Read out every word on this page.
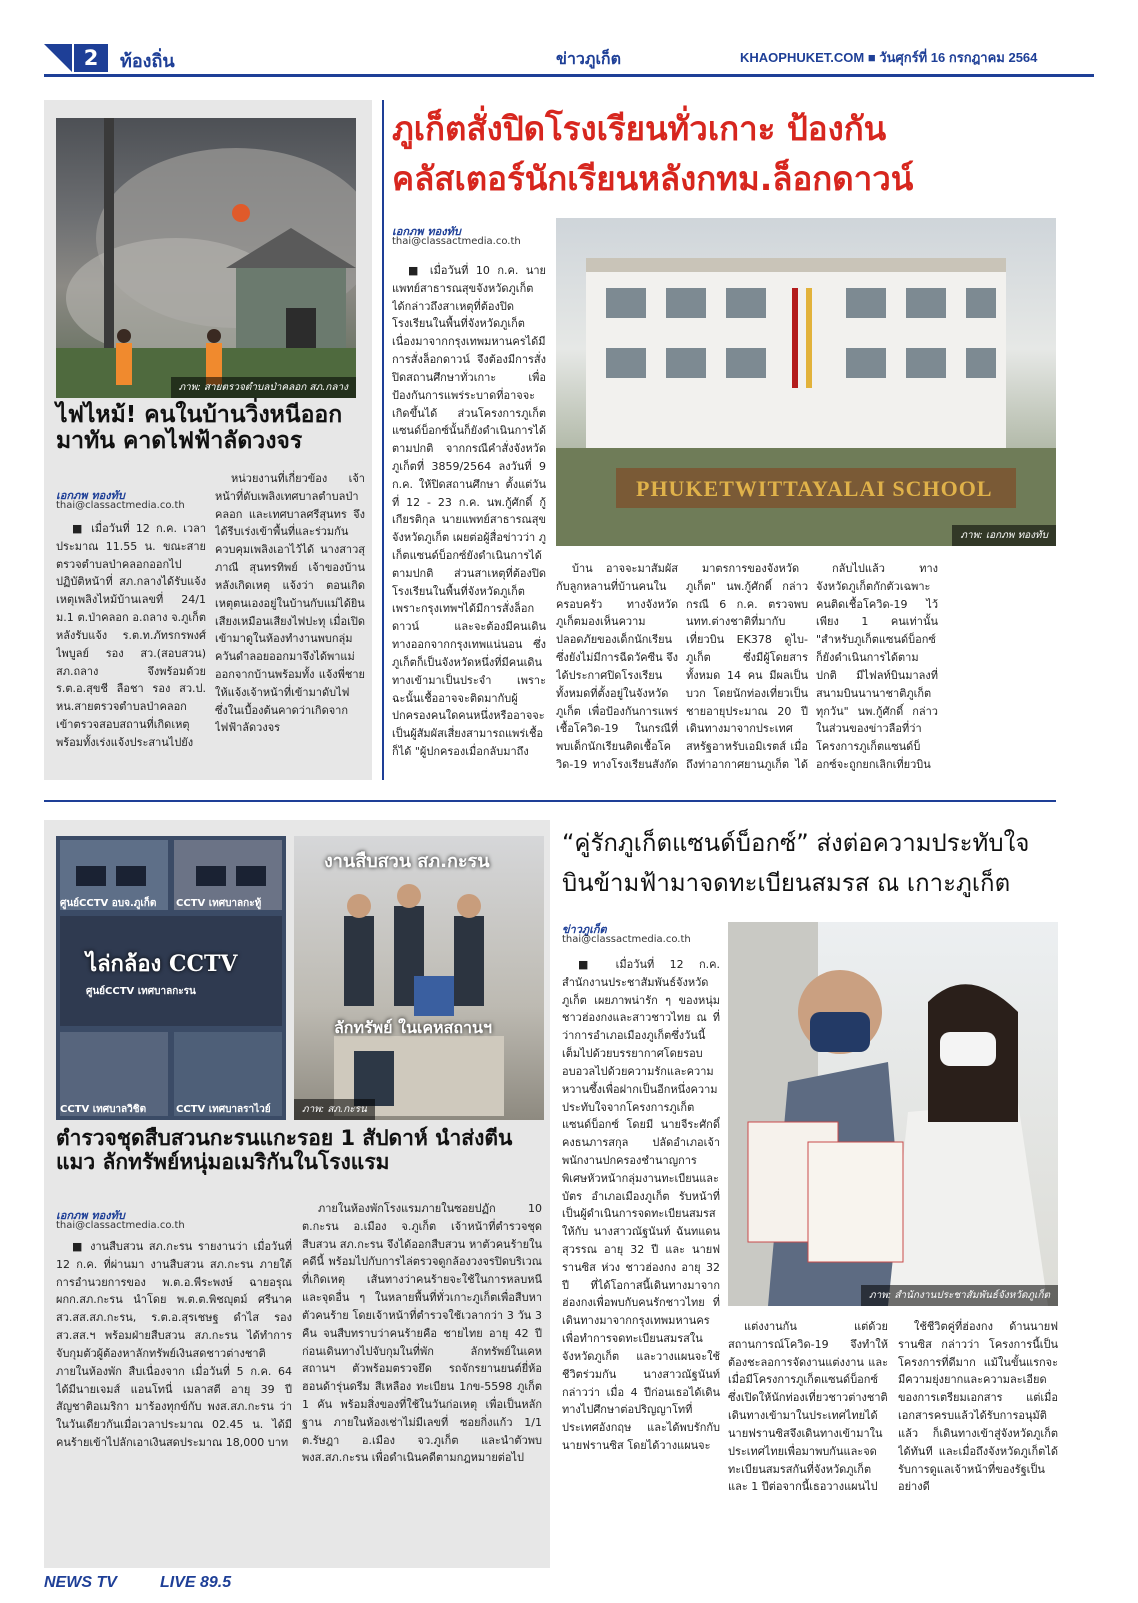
2	ท้องถิ่น	ข่าวภูเก็ต	KHAOPHUKET.COM ■ วันศุกร์ที่ 16 กรกฎาคม 2564
ภาพ: สายตรวจตำบลป่าคลอก สภ.กลาง
ไฟไหม้! คนในบ้านวิ่งหนีออก มาทัน คาดไฟฟ้าลัดวงจร
เอกภพ ทองทับ
thai@classactmedia.co.th

■ เมื่อวันที่ 12 ก.ค. เวลาประมาณ 11.55 น. ขณะสายตรวจตำบลป่าคลอกออกไปปฏิบัติหน้าที่ สภ.กลางได้รับแจ้งเหตุเพลิงไหม้บ้านเลขที่ 24/1 ม.1 ต.ป่าคลอก อ.ถลาง จ.ภูเก็ต หลังรับแจ้ง ร.ต.ท.ภัทรกรพงศ์ ไพบูลย์ รอง สว.(สอบสวน) สภ.ถลาง จึงพร้อมด้วย ร.ต.อ.สุขชี ลือชา รอง สว.ป. หน.สายตรวจตำบลป่าคลอก เข้าตรวจสอบสถานที่เกิดเหตุ พร้อมทั้งเร่งแจ้งประสานไปยัง

หน่วยงานที่เกี่ยวข้อง เจ้าหน้าที่ดับเพลิงเทศบาลตำบลป่าคลอก และเทศบาลศรีสุนทร จึงได้รีบเร่งเข้าพื้นที่และร่วมกันควบคุมเพลิงเอาไว้ได้ นางสาวสุภาณี สุนทรทิพย์ เจ้าของบ้านหลังเกิดเหตุ แจ้งว่า ตอนเกิดเหตุตนเองอยู่ในบ้านกับแม่ได้ยินเสียงเหมือนเสียงไฟปะทุ เมื่อเปิดเข้ามาดูในห้องทำงานพบกลุ่มควันดำลอยออกมาจึงได้พาแม่ออกจากบ้านพร้อมทั้ง แจ้งพี่ชายให้แจ้งเจ้าหน้าที่เข้ามาดับไฟ ซึ่งในเบื้องต้นคาดว่าเกิดจากไฟฟ้าลัดวงจร

ภูเก็ตสั่งปิดโรงเรียนทั่วเกาะ ป้องกัน
คลัสเตอร์นักเรียนหลังกทม.ล็อกดาวน์
เอกภพ ทองทับ
thai@classactmedia.co.th
PHUKETWITTAYALAI SCHOOL
ภาพ: เอกภพ ทองทับ

■ เมื่อวันที่ 10 ก.ค. นายแพทย์สาธารณสุขจังหวัดภูเก็ต ได้กล่าวถึงสาเหตุที่ต้องปิดโรงเรียนในพื้นที่จังหวัดภูเก็ต เนื่องมาจากกรุงเทพมหานครได้มีการสั่งล็อกดาวน์ จึงต้องมีการสั่งปิดสถานศึกษาทั่วเกาะ เพื่อป้องกันการแพร่ระบาดที่อาจจะเกิดขึ้นได้ ส่วนโครงการภูเก็ตแซนด์บ็อกซ์นั้นก็ยังดำเนินการได้ตามปกติ จากกรณีคำสั่งจังหวัดภูเก็ตที่ 3859/2564 ลงวันที่ 9 ก.ค. ให้ปิดสถานศึกษา ตั้งแต่วันที่ 12 - 23 ก.ค. นพ.กู้ศักดิ์ กู้เกียรติกุล นายแพทย์สาธารณสุขจังหวัดภูเก็ต เผยต่อผู้สื่อข่าวว่า ภูเก็ตแซนด์บ็อกซ์ยังดำเนินการได้ตามปกติ ส่วนสาเหตุที่ต้องปิดโรงเรียนในพื้นที่จังหวัดภูเก็ต เพราะกรุงเทพฯได้มีการสั่งล็อกดาวน์ และจะต้องมีคนเดินทางออกจากกรุงเทพแน่นอน ซึ่งภูเก็ตก็เป็นจังหวัดหนึ่งที่มีคนเดินทางเข้ามาเป็นประจำ เพราะฉะนั้นเชื้ออาจจะติดมากับผู้ปกครองคนใดคนหนึ่งหรืออาจจะเป็นผู้สัมผัสเสี่ยงสามารถแพร่เชื้อก็ได้ "ผู้ปกครองเมื่อกลับมาถึง

บ้าน อาจจะมาสัมผัสกับลูกหลานที่บ้านคนในครอบครัว ทางจังหวัดภูเก็ตมองเห็นความปลอดภัยของเด็กนักเรียน ซึ่งยังไม่มีการฉีดวัคซีน จึงได้ประกาศปิดโรงเรียนทั้งหมดที่ตั้งอยู่ในจังหวัดภูเก็ต เพื่อป้องกันการแพร่เชื้อโควิด-19 ในกรณีที่พบเด็กนักเรียนติดเชื้อโควิด-19 ทางโรงเรียนสังกัด

มาตรการของจังหวัดภูเก็ต" นพ.กู้ศักดิ์ กล่าว กรณี 6 ก.ค. ตรวจพบนทท.ต่างชาติที่มากับเที่ยวบิน EK378 ดูไบ-ภูเก็ต ซึ่งมีผู้โดยสารทั้งหมด 14 คน มีผลเป็นบวก โดยนักท่องเที่ยวเป็นชายอายุประมาณ 20 ปี เดินทางมาจากประเทศสหรัฐอาหรับเอมิเรตส์ เมื่อถึงท่าอากาศยานภูเก็ต ได้

กลับไปแล้ว ทางจังหวัดภูเก็ตกักตัวเฉพาะคนติดเชื้อโควิด-19 ไว้เพียง 1 คนเท่านั้น "สำหรับภูเก็ตแซนด์บ็อกซ์ก็ยังดำเนินการได้ตามปกติ มีไฟลท์บินมาลงที่สนามบินนานาชาติภูเก็ตทุกวัน" นพ.กู้ศักดิ์ กล่าว ในส่วนของข่าวลือที่ว่า โครงการภูเก็ตแซนด์บ็อกซ์จะถูกยกเลิกเที่ยวบิน

ศูนย์CCTV อบจ.ภูเก็ต CCTV เทศบาลกะทู้
ไล่กล้อง CCTV
ศูนย์CCTV เทศบาลกะรน
CCTV เทศบาลวิชิต	CCTV เทศบาลราไวย์
งานสืบสวน สภ.กะรน
ลักทรัพย์ ในเคหสถานฯ
ภาพ: สภ.กะรน
ตำรวจชุดสืบสวนกะรนแกะรอย 1 สัปดาห์ นำส่งตีนแมว ลักทรัพย์หนุ่มอเมริกันในโรงแรม
เอกภพ ทองทับ
thai@classactmedia.co.th

■ งานสืบสวน สภ.กะรน รายงานว่า เมื่อวันที่ 12 ก.ค. ที่ผ่านมา งานสืบสวน สภ.กะรน ภายใต้การอำนวยการของ พ.ต.อ.พีระพงษ์ ฉายอรุณ ผกก.สภ.กะรน นำโดย พ.ต.ต.พิชญุตม์ ศรีนาค สว.สส.สภ.กะรน, ร.ต.อ.สุรเชษฐ ดำไส รอง สว.สส.ฯ พร้อมฝ่ายสืบสวน สภ.กะรน ได้ทำการจับกุมตัวผู้ต้องหาลักทรัพย์เงินสดชาวต่างชาติภายในห้องพัก สืบเนื่องจาก เมื่อวันที่ 5 ก.ค. 64 ได้มีนายเจมส์ แอนโทนี่ เมลาสตี อายุ 39 ปี สัญชาติอเมริกา มาร้องทุกข์กับ พงส.สภ.กะรน ว่าในวันเดียวกันเมื่อเวลาประมาณ 02.45 น. ได้มีคนร้ายเข้าไปลักเอาเงินสดประมาณ 18,000 บาท

ภายในห้องพักโรงแรมภายในซอยปฏัก 10 ต.กะรน อ.เมือง จ.ภูเก็ต เจ้าหน้าที่ตำรวจชุดสืบสวน สภ.กะรน จึงได้ออกสืบสวน หาตัวคนร้ายในคดีนี้ พร้อมไปกับการไล่ตรวจดูกล้องวงจรปิดบริเวณที่เกิดเหตุ เส้นทางว่าคนร้ายจะใช้ในการหลบหนี และจุดอื่น ๆ ในหลายพื้นที่ทั่วเกาะภูเก็ตเพื่อสืบหาตัวคนร้าย โดยเจ้าหน้าที่ตำรวจใช้เวลากว่า 3 วัน 3 คืน จนสืบทราบว่าคนร้ายคือ ชายไทย อายุ 42 ปี ก่อนเดินทางไปจับกุมในที่พัก ลักทรัพย์ในเคหสถานฯ ตัวพร้อมตรวจยึด รถจักรยานยนต์ยี่ห้อฮอนด้ารุ่นดรีม สีเหลือง ทะเบียน 1กข-5598 ภูเก็ต 1 คัน พร้อมสิ่งของที่ใช้ในวันก่อเหตุ เพื่อเป็นหลักฐาน ภายในห้องเช่าไม่มีเลขที่ ซอยกิ่งแก้ว 1/1 ต.รัษฎา อ.เมือง จว.ภูเก็ต และนำตัวพบ พงส.สภ.กะรน เพื่อดำเนินคดีตามกฎหมายต่อไป

“คู่รักภูเก็ตแซนด์บ็อกซ์” ส่งต่อความประทับใจ
บินข้ามฟ้ามาจดทะเบียนสมรส ณ เกาะภูเก็ต
ข่าวภูเก็ต
thai@classactmedia.co.th
ภาพ: สำนักงานประชาสัมพันธ์จังหวัดภูเก็ต

■ เมื่อวันที่ 12 ก.ค. สำนักงานประชาสัมพันธ์จังหวัดภูเก็ต เผยภาพน่ารัก ๆ ของหนุ่มชาวฮ่องกงและสาวชาวไทย ณ ที่ว่าการอำเภอเมืองภูเก็ตซึ่งวันนี้เต็มไปด้วยบรรยากาศโดยรอบอบอวลไปด้วยความรักและความหวานซึ้งเพื่อฝากเป็นอีกหนึ่งความประทับใจจากโครงการภูเก็ตแซนด์บ็อกซ์ โดยมี นายจีระศักดิ์ คงธนภารสกุล ปลัดอำเภอเจ้าพนักงานปกครองชำนาญการพิเศษหัวหน้ากลุ่มงานทะเบียนและบัตร อำเภอเมืองภูเก็ต รับหน้าที่เป็นผู้ดำเนินการจดทะเบียนสมรสให้กับ นางสาวณัฐนันท์ ฉันทแดนสุวรรณ อายุ 32 ปี และ นายฟรานซิส ห่วง ชาวฮ่องกง อายุ 32 ปี ที่ได้โอกาสนี้เดินทางมาจากฮ่องกงเพื่อพบกับคนรักชาวไทย ที่เดินทางมาจากกรุงเทพมหานคร เพื่อทำการจดทะเบียนสมรสในจังหวัดภูเก็ต และวางแผนจะใช้ชีวิตร่วมกัน นางสาวณัฐนันท์ กล่าวว่า เมื่อ 4 ปีก่อนเธอได้เดินทางไปศึกษาต่อปริญญาโทที่ประเทศอังกฤษ และได้พบรักกับนายฟรานซิส โดยได้วางแผนจะ

แต่งงานกัน แต่ด้วยสถานการณ์โควิด-19 จึงทำให้ต้องชะลอการจัดงานแต่งงาน และเมื่อมีโครงการภูเก็ตแซนด์บ็อกซ์ ซึ่งเปิดให้นักท่องเที่ยวชาวต่างชาติเดินทางเข้ามาในประเทศไทยได้ นายฟรานซิสจึงเดินทางเข้ามาในประเทศไทยเพื่อมาพบกันและจดทะเบียนสมรสกันที่จังหวัดภูเก็ต และ 1 ปีต่อจากนี้เธอวางแผนไป

ใช้ชีวิตคู่ที่ฮ่องกง ด้านนายฟรานซิส กล่าวว่า โครงการนี้เป็นโครงการที่ดีมาก แม้ในขั้นแรกจะมีความยุ่งยากและความละเอียดของการเตรียมเอกสาร แต่เมื่อเอกสารครบแล้วได้รับการอนุมัติแล้ว ก็เดินทางเข้าสู่จังหวัดภูเก็ต ได้ทันที และเมื่อถึงจังหวัดภูเก็ตได้รับการดูแลเจ้าหน้าที่ของรัฐเป็นอย่างดี

NEWS TV	LIVE 89.5
